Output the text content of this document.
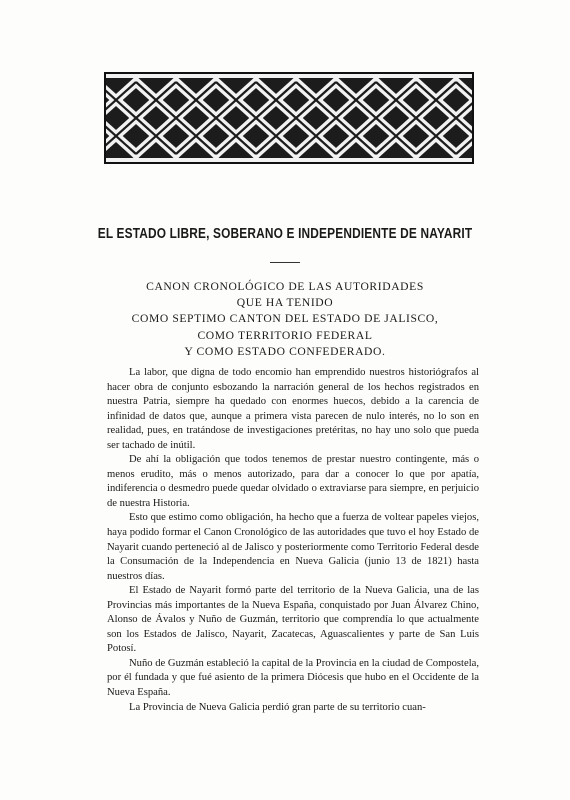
EL ESTADO LIBRE, SOBERANO E INDEPENDIENTE DE NAYARIT
CANON CRONOLÓGICO DE LAS AUTORIDADES
QUE HA TENIDO
COMO SEPTIMO CANTON DEL ESTADO DE JALISCO,
COMO TERRITORIO FEDERAL
Y COMO ESTADO CONFEDERADO.

La labor, que digna de todo encomio han emprendido nuestros historiógrafos al hacer obra de conjunto esbozando la narración general de los hechos registrados en nuestra Patria, siempre ha quedado con enormes huecos, debido a la carencia de infinidad de datos que, aunque a primera vista parecen de nulo interés, no lo son en realidad, pues, en tratándose de investigaciones pretéritas, no hay uno solo que pueda ser tachado de inútil.

De ahí la obligación que todos tenemos de prestar nuestro contingente, más o menos erudito, más o menos autorizado, para dar a conocer lo que por apatía, indiferencia o desmedro puede quedar olvidado o extraviarse para siempre, en perjuicio de nuestra Historia.

Esto que estimo como obligación, ha hecho que a fuerza de voltear papeles viejos, haya podido formar el Canon Cronológico de las autoridades que tuvo el hoy Estado de Nayarit cuando perteneció al de Jalisco y posteriormente como Territorio Federal desde la Consumación de la Independencia en Nueva Galicia (junio 13 de 1821) hasta nuestros días.

El Estado de Nayarit formó parte del territorio de la Nueva Galicia, una de las Provincias más importantes de la Nueva España, conquistado por Juan Álvarez Chino, Alonso de Ávalos y Nuño de Guzmán, territorio que comprendía lo que actualmente son los Estados de Jalisco, Nayarit, Zacatecas, Aguascalientes y parte de San Luis Potosí.

Nuño de Guzmán estableció la capital de la Provincia en la ciudad de Compostela, por él fundada y que fué asiento de la primera Diócesis que hubo en el Occidente de la Nueva España.

La Provincia de Nueva Galicia perdió gran parte de su territorio cuan-
